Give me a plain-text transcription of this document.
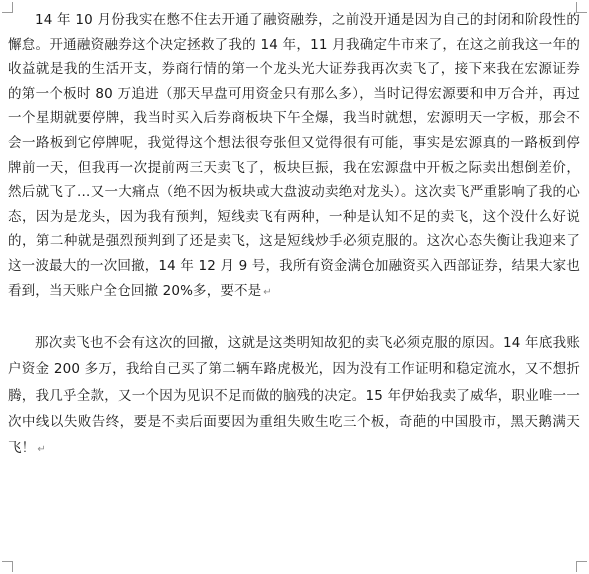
14 年 10 月份我实在憋不住去开通了融资融券，之前没开通是因为自己的封闭和阶段性的懈怠。开通融资融券这个决定拯救了我的 14 年，11 月我确定牛市来了，在这之前我这一年的收益就是我的生活开支，券商行情的第一个龙头光大证券我再次卖飞了，接下来我在宏源证券的第一个板时 80 万追进（那天早盘可用资金只有那么多），当时记得宏源要和申万合并，再过一个星期就要停牌，我当时买入后券商板块下午全爆，我当时就想，宏源明天一字板，那会不会一路板到它停牌呢，我觉得这个想法很夸张但又觉得很有可能，事实是宏源真的一路板到停牌前一天，但我再一次提前两三天卖飞了，板块巨振，我在宏源盘中开板之际卖出想倒差价，然后就飞了…又一大痛点（绝不因为板块或大盘波动卖绝对龙头）。这次卖飞严重影响了我的心态，因为是龙头，因为我有预判，短线卖飞有两种，一种是认知不足的卖飞，这个没什么好说的，第二种就是强烈预判到了还是卖飞，这是短线炒手必须克服的。这次心态失衡让我迎来了这一波最大的一次回撤，14 年 12 月 9 号，我所有资金满仓加融资买入西部证券，结果大家也看到，当天账户全仓回撤 20%多，要不是 ↵

那次卖飞也不会有这次的回撤，这就是这类明知故犯的卖飞必须克服的原因。14 年底我账户资金 200 多万，我给自己买了第二辆车路虎极光，因为没有工作证明和稳定流水，又不想折腾，我几乎全款，又一个因为见识不足而做的脑残的决定。15 年伊始我卖了威华，职业唯一一次中线以失败告终，要是不卖后面要因为重组失败生吃三个板，奇葩的中国股市，黑天鹅满天飞！ ↵
